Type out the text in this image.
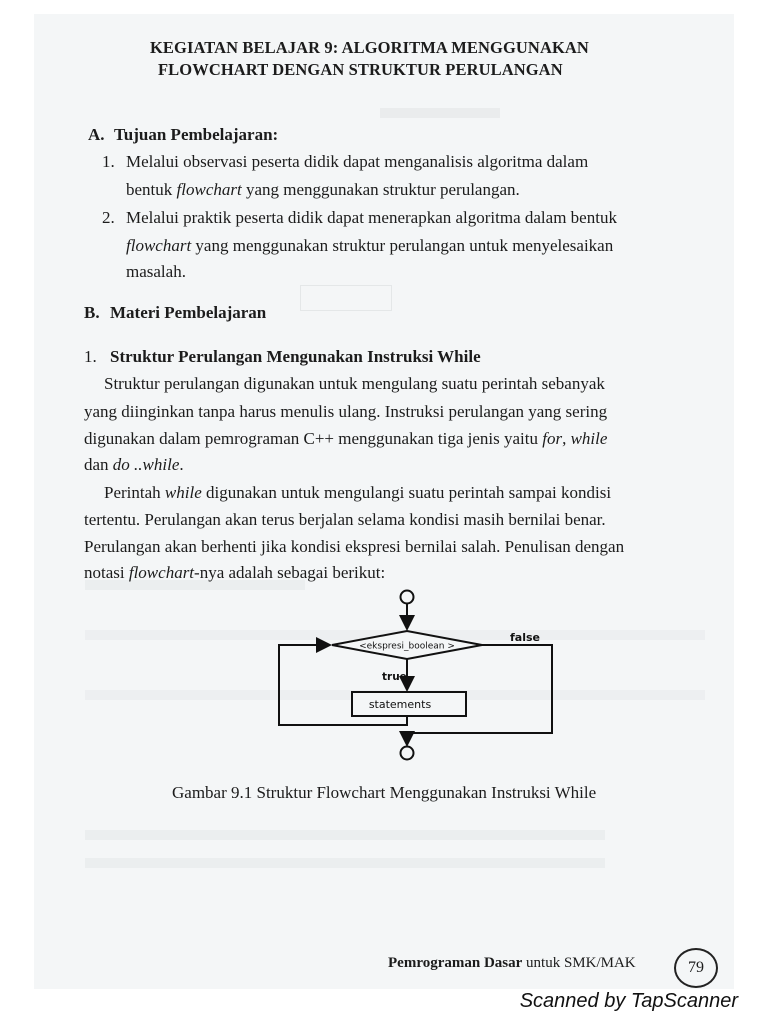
KEGIATAN BELAJAR 9: ALGORITMA MENGGUNAKAN
FLOWCHART DENGAN STRUKTUR PERULANGAN
A. Tujuan Pembelajaran:
1. Melalui observasi peserta didik dapat menganalisis algoritma dalam
bentuk flowchart yang menggunakan struktur perulangan.
2. Melalui praktik peserta didik dapat menerapkan algoritma dalam bentuk
flowchart yang menggunakan struktur perulangan untuk menyelesaikan
masalah.
B. Materi Pembelajaran
1. Struktur Perulangan Mengunakan Instruksi While
Struktur perulangan digunakan untuk mengulang suatu perintah sebanyak
yang diinginkan tanpa harus menulis ulang. Instruksi perulangan yang sering
digunakan dalam pemrograman C++ menggunakan tiga jenis yaitu for, while
dan do ..while.
Perintah while digunakan untuk mengulangi suatu perintah sampai kondisi
tertentu. Perulangan akan terus berjalan selama kondisi masih bernilai benar.
Perulangan akan berhenti jika kondisi ekspresi bernilai salah. Penulisan dengan
notasi flowchart-nya adalah sebagai berikut:
<ekspresi_boolean >
false
true
statements
Gambar 9.1 Struktur Flowchart Menggunakan Instruksi While
Pemrograman Dasar untuk SMK/MAK	79
Scanned by TapScanner
